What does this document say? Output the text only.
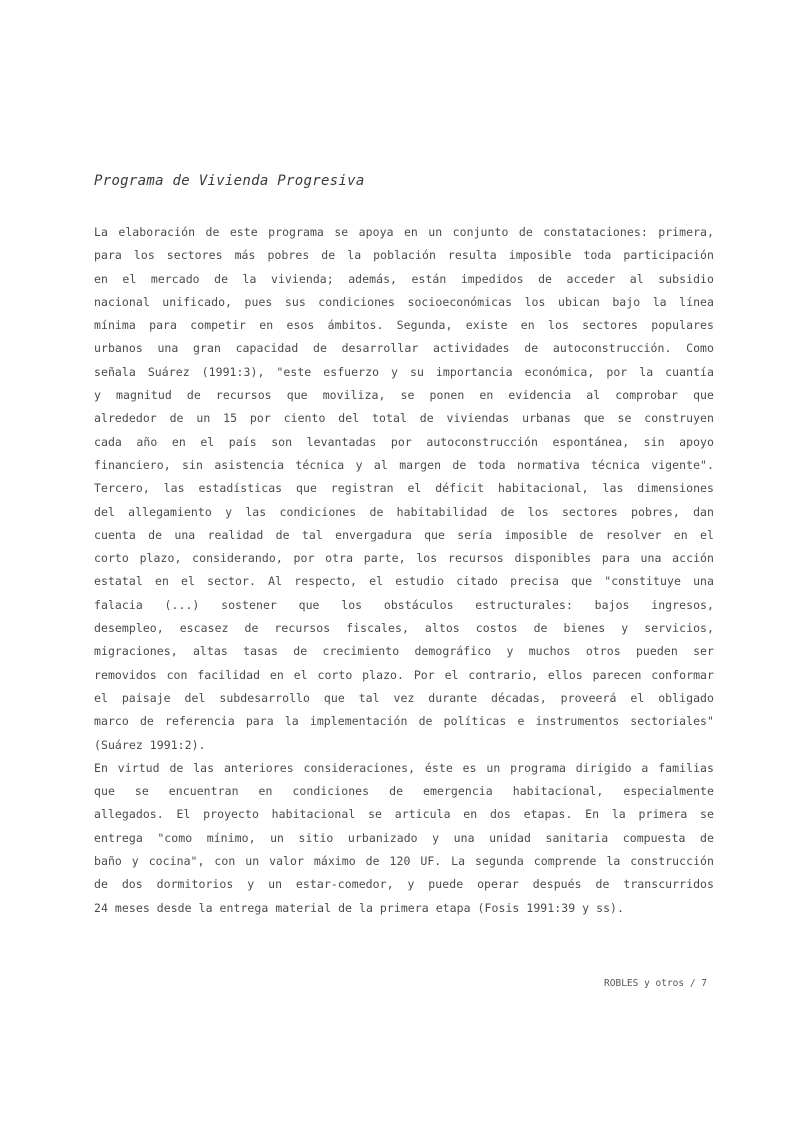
Programa de Vivienda Progresiva
La elaboración de este programa se apoya en un conjunto de constataciones: primera,
para los sectores más pobres de la población resulta imposible toda participación
en el mercado de la vivienda; además, están impedidos de acceder al subsidio
nacional unificado, pues sus condiciones socioeconómicas los ubican bajo la línea
mínima para competir en esos ámbitos. Segunda, existe en los sectores populares
urbanos una gran capacidad de desarrollar actividades de autoconstrucción. Como
señala Suárez (1991:3), "este esfuerzo y su importancia económica, por la cuantía
y magnitud de recursos que moviliza, se ponen en evidencia al comprobar que
alrededor de un 15 por ciento del total de viviendas urbanas que se construyen
cada año en el país son levantadas por autoconstrucción espontánea, sin apoyo
financiero, sin asistencia técnica y al margen de toda normativa técnica vigente".
Tercero, las estadísticas que registran el déficit habitacional, las dimensiones
del allegamiento y las condiciones de habitabilidad de los sectores pobres, dan
cuenta de una realidad de tal envergadura que sería imposible de resolver en el
corto plazo, considerando, por otra parte, los recursos disponibles para una acción
estatal en el sector. Al respecto, el estudio citado precisa que "constituye una
falacia (...) sostener que los obstáculos estructurales: bajos ingresos,
desempleo, escasez de recursos fiscales, altos costos de bienes y servicios,
migraciones, altas tasas de crecimiento demográfico y muchos otros pueden ser
removidos con facilidad en el corto plazo. Por el contrario, ellos parecen conformar
el paisaje del subdesarrollo que tal vez durante décadas, proveerá el obligado
marco de referencia para la implementación de políticas e instrumentos sectoriales"
(Suárez 1991:2).
En virtud de las anteriores consideraciones, éste es un programa dirigido a familias
que se encuentran en condiciones de emergencia habitacional, especialmente
allegados. El proyecto habitacional se articula en dos etapas. En la primera se
entrega "como mínimo, un sitio urbanizado y una unidad sanitaria compuesta de
baño y cocina", con un valor máximo de 120 UF. La segunda comprende la construcción
de dos dormitorios y un estar-comedor, y puede operar después de transcurridos
24 meses desde la entrega material de la primera etapa (Fosis 1991:39 y ss).
ROBLES y otros / 7
